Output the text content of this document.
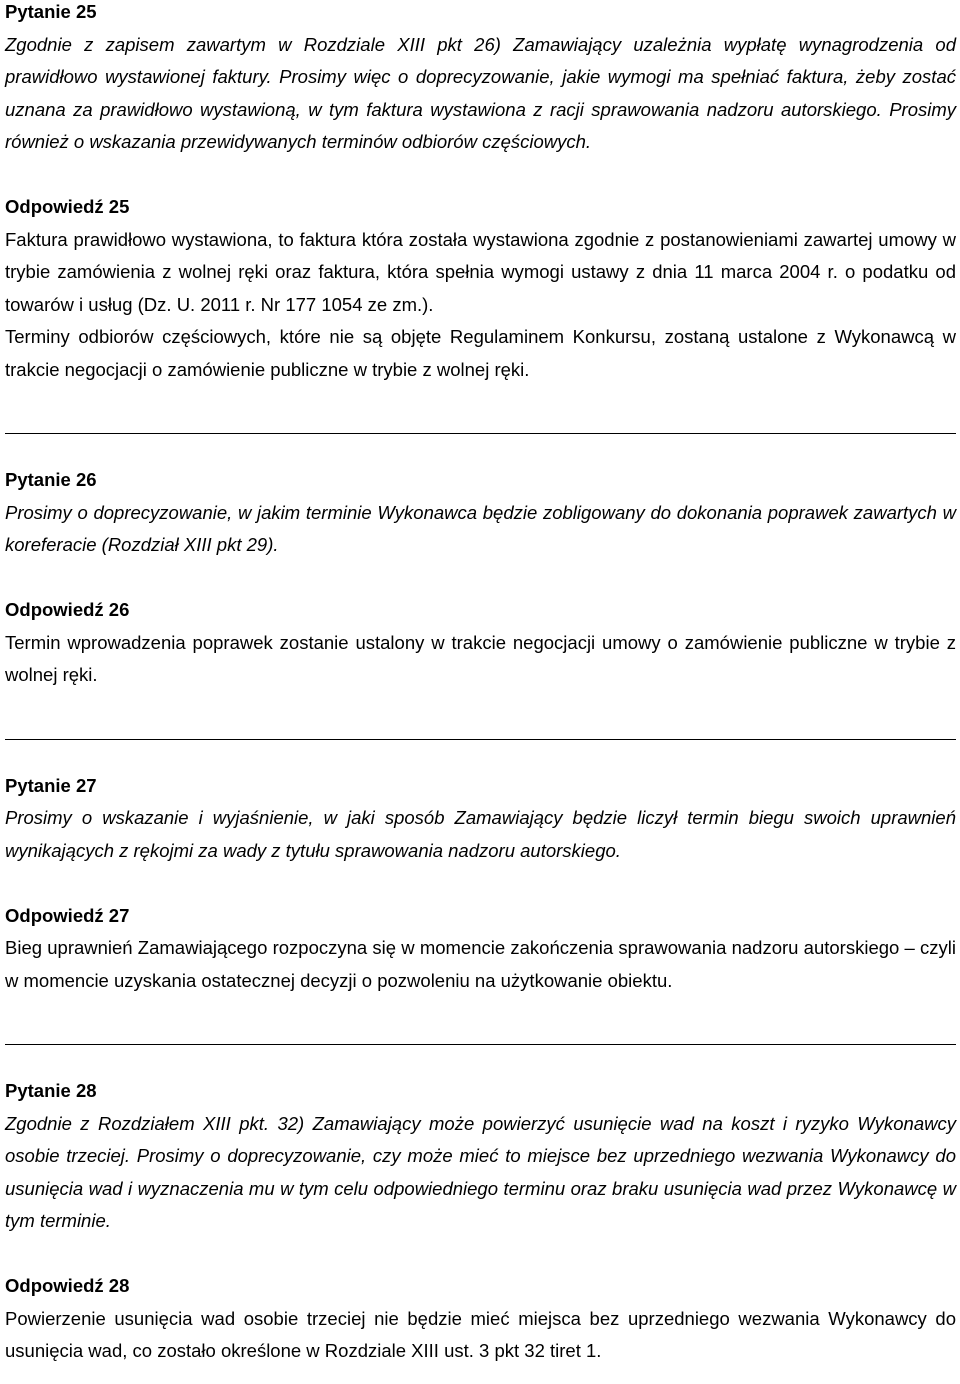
Pytanie 25

Zgodnie z zapisem zawartym w Rozdziale XIII pkt 26) Zamawiający uzależnia wypłatę wynagrodzenia od prawidłowo wystawionej faktury. Prosimy więc o doprecyzowanie, jakie wymogi ma spełniać faktura, żeby zostać uznana za prawidłowo wystawioną, w tym faktura wystawiona z racji sprawowania nadzoru autorskiego. Prosimy również o wskazania przewidywanych terminów odbiorów częściowych.

Odpowiedź 25

Faktura prawidłowo wystawiona, to faktura która została wystawiona zgodnie z postanowieniami zawartej umowy w trybie zamówienia z wolnej ręki oraz faktura, która spełnia wymogi ustawy z dnia 11 marca 2004 r. o podatku od towarów i usług (Dz. U. 2011 r. Nr 177 1054 ze zm.).

Terminy odbiorów częściowych, które nie są objęte Regulaminem Konkursu, zostaną ustalone z Wykonawcą w trakcie negocjacji o zamówienie publiczne w trybie z wolnej ręki.

Pytanie 26

Prosimy o doprecyzowanie, w jakim terminie Wykonawca będzie zobligowany do dokonania poprawek zawartych w koreferacie (Rozdział XIII pkt 29).

Odpowiedź 26

Termin wprowadzenia poprawek zostanie ustalony w trakcie negocjacji umowy o zamówienie publiczne w trybie z wolnej ręki.

Pytanie 27

Prosimy o wskazanie i wyjaśnienie, w jaki sposób Zamawiający będzie liczył termin biegu swoich uprawnień wynikających z rękojmi za wady z tytułu sprawowania nadzoru autorskiego.

Odpowiedź 27

Bieg uprawnień Zamawiającego rozpoczyna się w momencie zakończenia sprawowania nadzoru autorskiego – czyli w momencie uzyskania ostatecznej decyzji o pozwoleniu na użytkowanie obiektu.

Pytanie 28

Zgodnie z Rozdziałem XIII pkt. 32) Zamawiający może powierzyć usunięcie wad na koszt i ryzyko Wykonawcy osobie trzeciej. Prosimy o doprecyzowanie, czy może mieć to miejsce bez uprzedniego wezwania Wykonawcy do usunięcia wad i wyznaczenia mu w tym celu odpowiedniego terminu oraz braku usunięcia wad przez Wykonawcę w tym terminie.

Odpowiedź 28

Powierzenie usunięcia wad osobie trzeciej nie będzie mieć miejsca bez uprzedniego wezwania Wykonawcy do usunięcia wad, co zostało określone w Rozdziale XIII ust. 3 pkt 32 tiret 1.
